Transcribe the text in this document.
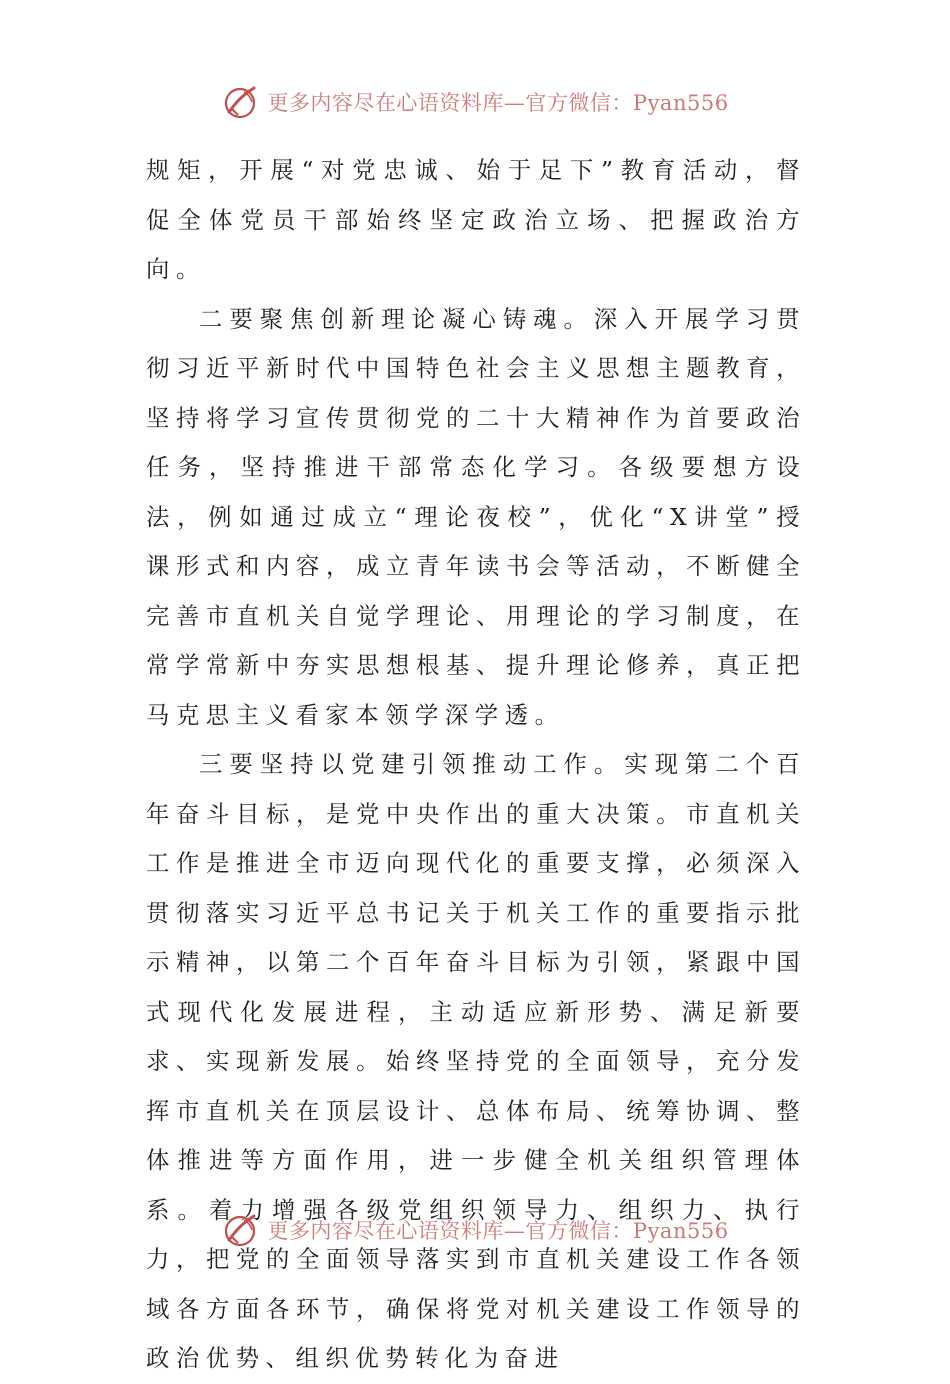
更多内容尽在心语资料库—官方微信：Pyan556

规矩，开展“对党忠诚、始于足下”教育活动，督促全体党员干部始终坚定政治立场、把握政治方向。

二要聚焦创新理论凝心铸魂。深入开展学习贯彻习近平新时代中国特色社会主义思想主题教育，坚持将学习宣传贯彻党的二十大精神作为首要政治任务，坚持推进干部常态化学习。各级要想方设法，例如通过成立“理论夜校”，优化“X讲堂”授课形式和内容，成立青年读书会等活动，不断健全完善市直机关自觉学理论、用理论的学习制度，在常学常新中夯实思想根基、提升理论修养，真正把马克思主义看家本领学深学透。

三要坚持以党建引领推动工作。实现第二个百年奋斗目标，是党中央作出的重大决策。市直机关工作是推进全市迈向现代化的重要支撑，必须深入贯彻落实习近平总书记关于机关工作的重要指示批示精神，以第二个百年奋斗目标为引领，紧跟中国式现代化发展进程，主动适应新形势、满足新要求、实现新发展。始终坚持党的全面领导，充分发挥市直机关在顶层设计、总体布局、统筹协调、整体推进等方面作用，进一步健全机关组织管理体系。着力增强各级党组织领导力、组织力、执行力，把党的全面领导落实到市直机关建设工作各领域各方面各环节，确保将党对机关建设工作领导的政治优势、组织优势转化为奋进

更多内容尽在心语资料库—官方微信：Pyan556
